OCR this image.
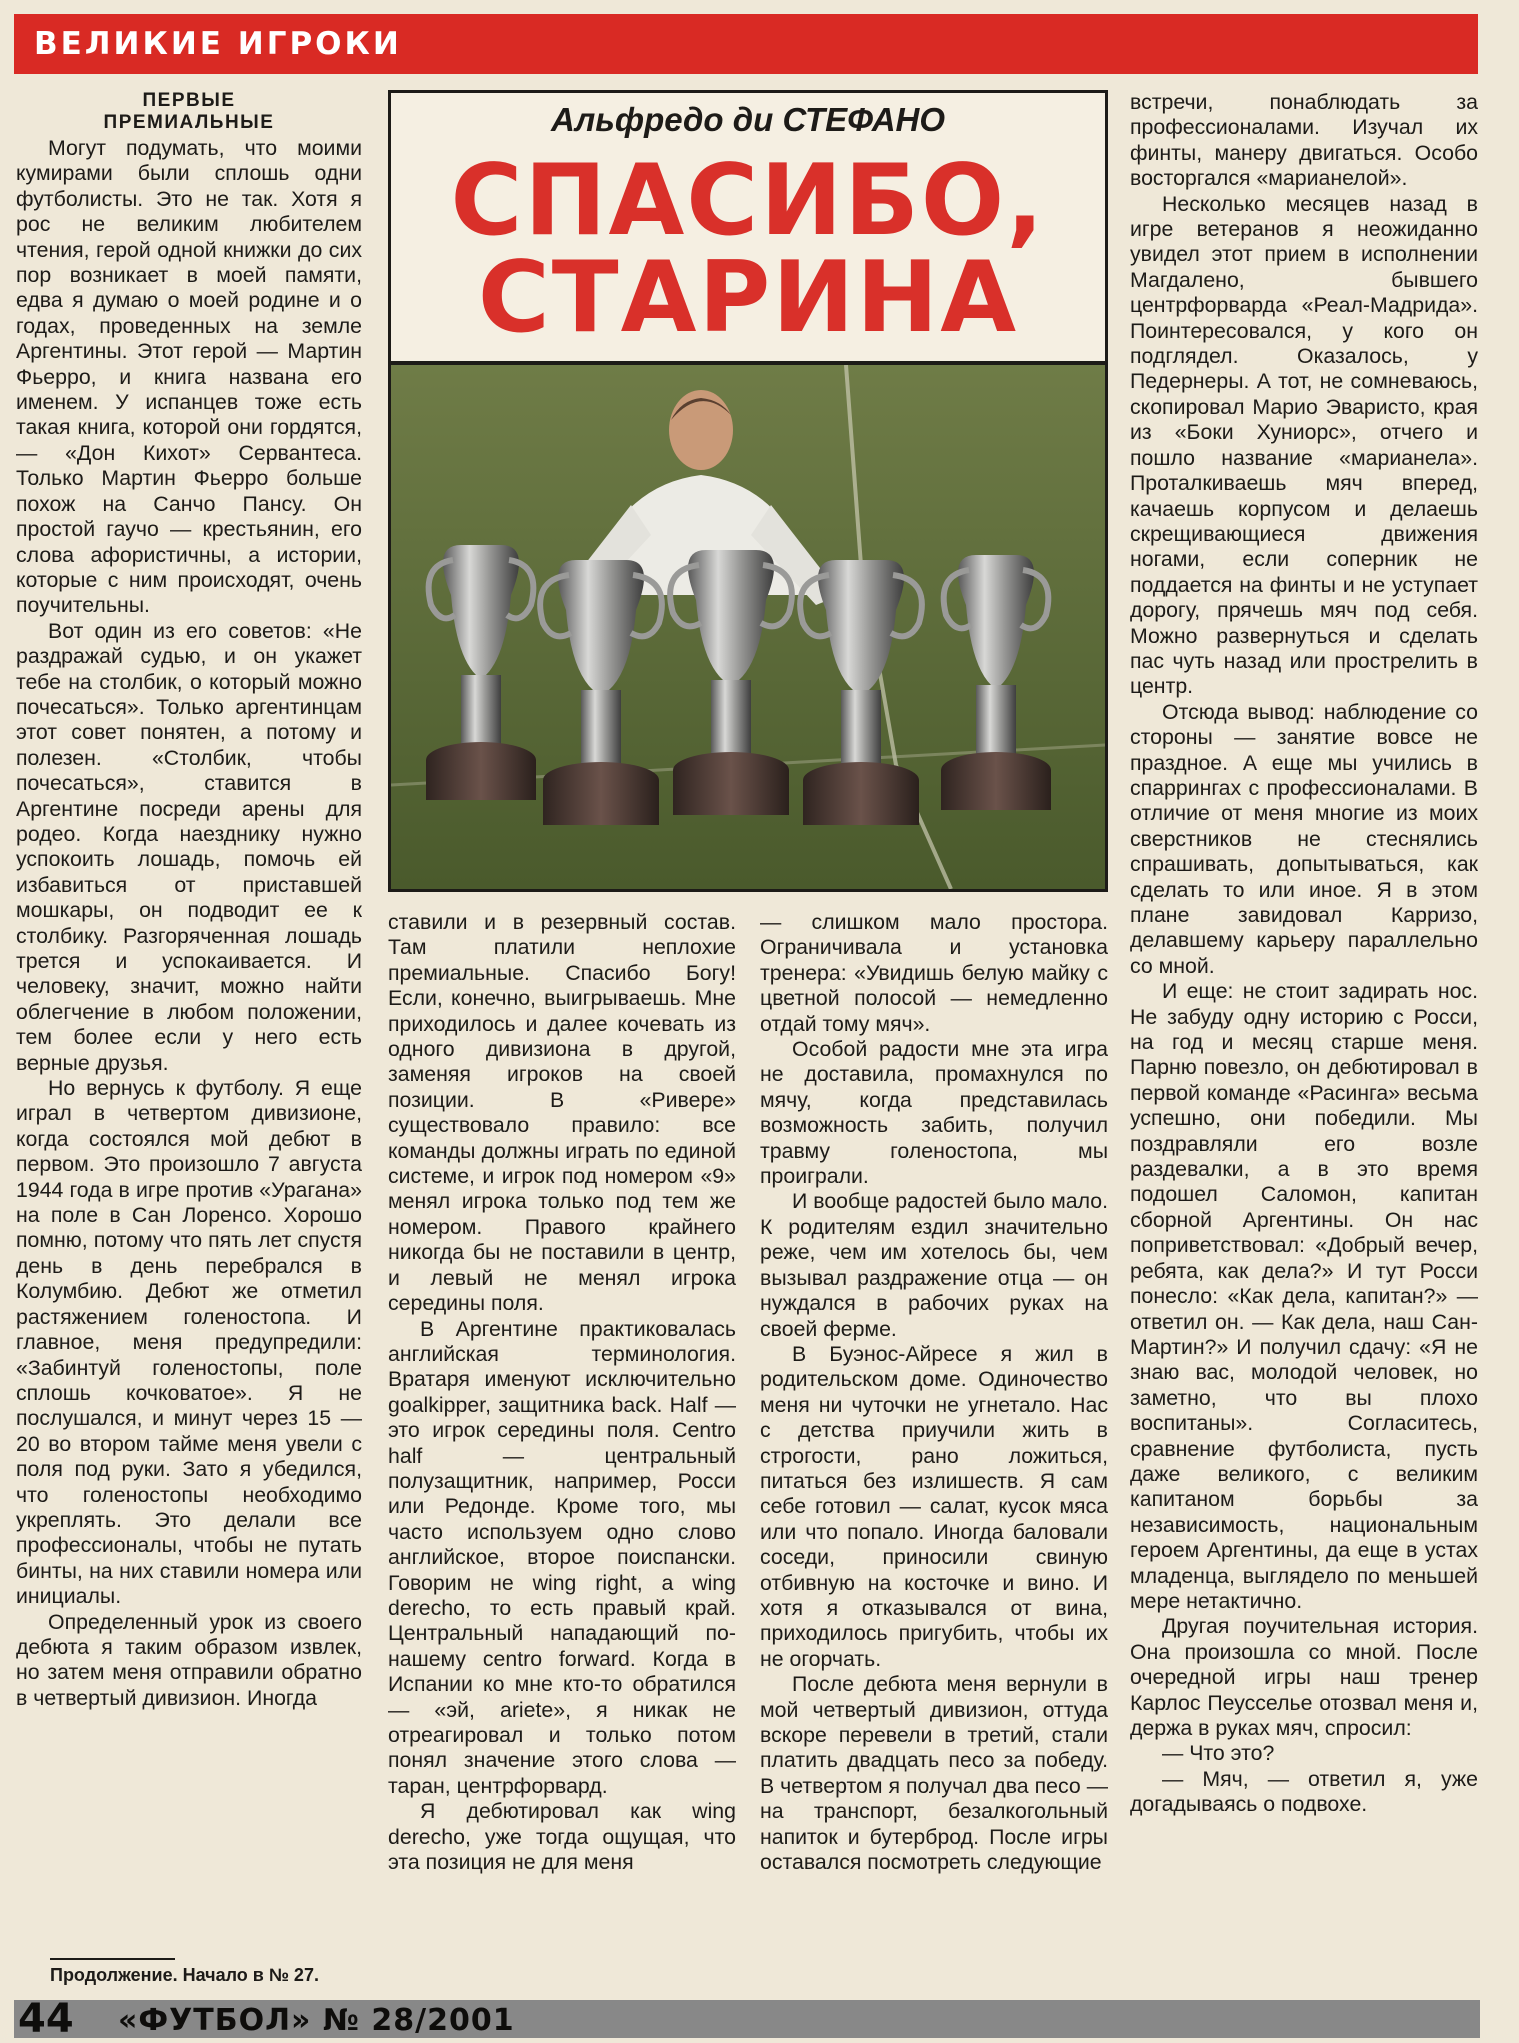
ВЕЛИКИЕ ИГРОКИ
ПЕРВЫЕ
ПРЕМИАЛЬНЫЕ

Могут подумать, что моими кумирами были сплошь одни футболисты. Это не так. Хотя я рос не великим любителем чтения, герой одной книжки до сих пор возникает в моей памяти, едва я думаю о моей родине и о годах, проведенных на земле Аргентины. Этот герой — Мартин Фьерро, и книга названа его именем. У испанцев тоже есть такая книга, которой они гордятся, — «Дон Кихот» Сервантеса. Только Мартин Фьерро больше похож на Санчо Пансу. Он простой гаучо — крестьянин, его слова афористичны, а истории, которые с ним происходят, очень поучительны.

Вот один из его советов: «Не раздражай судью, и он укажет тебе на столбик, о который можно почесаться». Только аргентинцам этот совет понятен, а потому и полезен. «Столбик, чтобы почесаться», ставится в Аргентине посреди арены для родео. Когда наезднику нужно успокоить лошадь, помочь ей избавиться от приставшей мошкары, он подводит ее к столбику. Разгоряченная лошадь трется и успокаивается. И человеку, значит, можно найти облегчение в любом положении, тем более если у него есть верные друзья.

Но вернусь к футболу. Я еще играл в четвертом дивизионе, когда состоялся мой дебют в первом. Это произошло 7 августа 1944 года в игре против «Урагана» на поле в Сан Лоренсо. Хорошо помню, потому что пять лет спустя день в день перебрался в Колумбию. Дебют же отметил растяжением голеностопа. И главное, меня предупредили: «Забинтуй голеностопы, поле сплошь кочковатое». Я не послушался, и минут через 15 — 20 во втором тайме меня увели с поля под руки. Зато я убедился, что голеностопы необходимо укреплять. Это делали все профессионалы, чтобы не путать бинты, на них ставили номера или инициалы.

Определенный урок из своего дебюта я таким образом извлек, но затем меня отправили обратно в четвертый дивизион. Иногда

Альфредо ди СТЕФАНО
СПАСИБО,
СТАРИНА

ставили и в резервный состав. Там платили неплохие премиальные. Спасибо Богу! Если, конечно, выигрываешь. Мне приходилось и далее кочевать из одного дивизиона в другой, заменяя игроков на своей позиции. В «Ривере» существовало правило: все команды должны играть по единой системе, и игрок под номером «9» менял игрока только под тем же номером. Правого крайнего никогда бы не поставили в центр, и левый не менял игрока середины поля.

В Аргентине практиковалась английская терминология. Вратаря именуют исключительно goalkipper, защитника back. Half — это игрок середины поля. Centro half — центральный полузащитник, например, Росси или Редонде. Кроме того, мы часто используем одно слово английское, второе поиспански. Говорим не wing right, а wing derecho, то есть правый край. Центральный нападающий по-нашему centro forward. Когда в Испании ко мне кто-то обратился — «эй, ariete», я никак не отреагировал и только потом понял значение этого слова — таран, центрфорвард.

Я дебютировал как wing derecho, уже тогда ощущая, что эта позиция не для меня

— слишком мало простора. Ограничивала и установка тренера: «Увидишь белую майку с цветной полосой — немедленно отдай тому мяч».

Особой радости мне эта игра не доставила, промахнулся по мячу, когда представилась возможность забить, получил травму голеностопа, мы проиграли.

И вообще радостей было мало. К родителям ездил значительно реже, чем им хотелось бы, чем вызывал раздражение отца — он нуждался в рабочих руках на своей ферме.

В Буэнос-Айресе я жил в родительском доме. Одиночество меня ни чуточки не угнетало. Нас с детства приучили жить в строгости, рано ложиться, питаться без излишеств. Я сам себе готовил — салат, кусок мяса или что попало. Иногда баловали соседи, приносили свиную отбивную на косточке и вино. И хотя я отказывался от вина, приходилось пригубить, чтобы их не огорчать.

После дебюта меня вернули в мой четвертый дивизион, оттуда вскоре перевели в третий, стали платить двадцать песо за победу. В четвертом я получал два песо — на транспорт, безалкогольный напиток и бутерброд. После игры оставался посмотреть следующие

встречи, понаблюдать за профессионалами. Изучал их финты, манеру двигаться. Особо восторгался «марианелой».

Несколько месяцев назад в игре ветеранов я неожиданно увидел этот прием в исполнении Магдалено, бывшего центрфорварда «Реал-Мадрида». Поинтересовался, у кого он подглядел. Оказалось, у Педернеры. А тот, не сомневаюсь, скопировал Марио Эваристо, края из «Боки Хуниорс», отчего и пошло название «марианела». Проталкиваешь мяч вперед, качаешь корпусом и делаешь скрещивающиеся движения ногами, если соперник не поддается на финты и не уступает дорогу, прячешь мяч под себя. Можно развернуться и сделать пас чуть назад или прострелить в центр.

Отсюда вывод: наблюдение со стороны — занятие вовсе не праздное. А еще мы учились в спаррингах с профессионалами. В отличие от меня многие из моих сверстников не стеснялись спрашивать, допытываться, как сделать то или иное. Я в этом плане завидовал Карризо, делавшему карьеру параллельно со мной.

И еще: не стоит задирать нос. Не забуду одну историю с Росси, на год и месяц старше меня. Парню повезло, он дебютировал в первой команде «Расинга» весьма успешно, они победили. Мы поздравляли его возле раздевалки, а в это время подошел Саломон, капитан сборной Аргентины. Он нас поприветствовал: «Добрый вечер, ребята, как дела?» И тут Росси понесло: «Как дела, капитан?» — ответил он. — Как дела, наш Сан-Мартин?» И получил сдачу: «Я не знаю вас, молодой человек, но заметно, что вы плохо воспитаны». Согласитесь, сравнение футболиста, пусть даже великого, с великим капитаном борьбы за независимость, национальным героем Аргентины, да еще в устах младенца, выглядело по меньшей мере нетактично.

Другая поучительная история. Она произошла со мной. После очередной игры наш тренер Карлос Пеусселье отозвал меня и, держа в руках мяч, спросил:

— Что это?

— Мяч, — ответил я, уже догадываясь о подвохе.

Продолжение. Начало в № 27.
44 «ФУТБОЛ» № 28/2001
